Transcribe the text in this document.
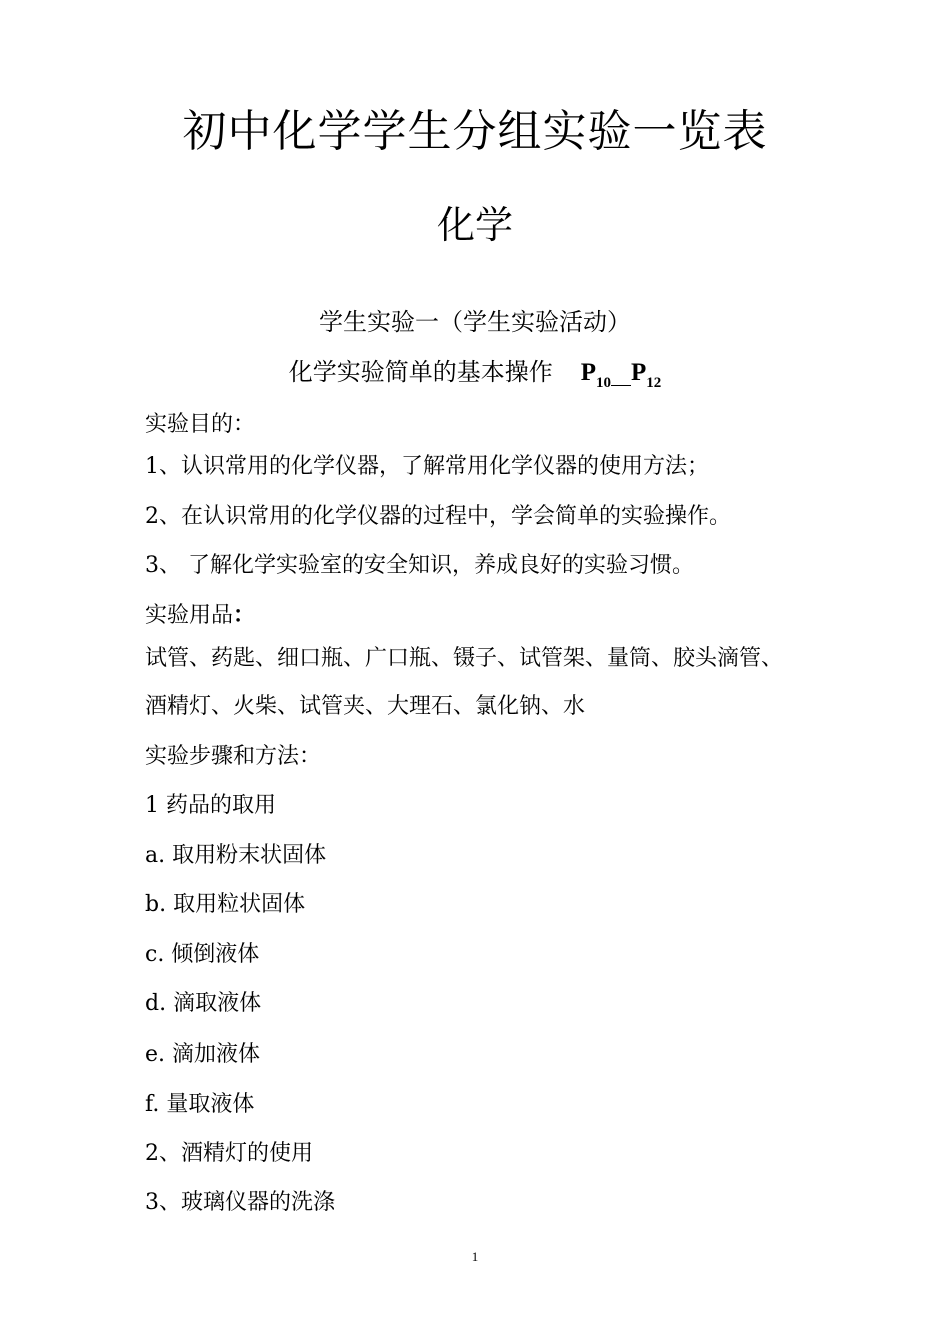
初中化学学生分组实验一览表
化学
学生实验一（学生实验活动）
化学实验简单的基本操作 $P_{10}$ $P_{12}$
实验目的：
1、认识常用的化学仪器，了解常用化学仪器的使用方法；
2、在认识常用的化学仪器的过程中，学会简单的实验操作。
3、 了解化学实验室的安全知识，养成良好的实验习惯。
实验用品：
试管、药匙、细口瓶、广口瓶、镊子、试管架、量筒、胶头滴管、
酒精灯、火柴、试管夹、大理石、氯化钠、水
实验步骤和方法：
1 药品的取用
a. 取用粉末状固体
b. 取用粒状固体
c. 倾倒液体
d. 滴取液体
e. 滴加液体
f. 量取液体
2、酒精灯的使用
3、玻璃仪器的洗涤
1
